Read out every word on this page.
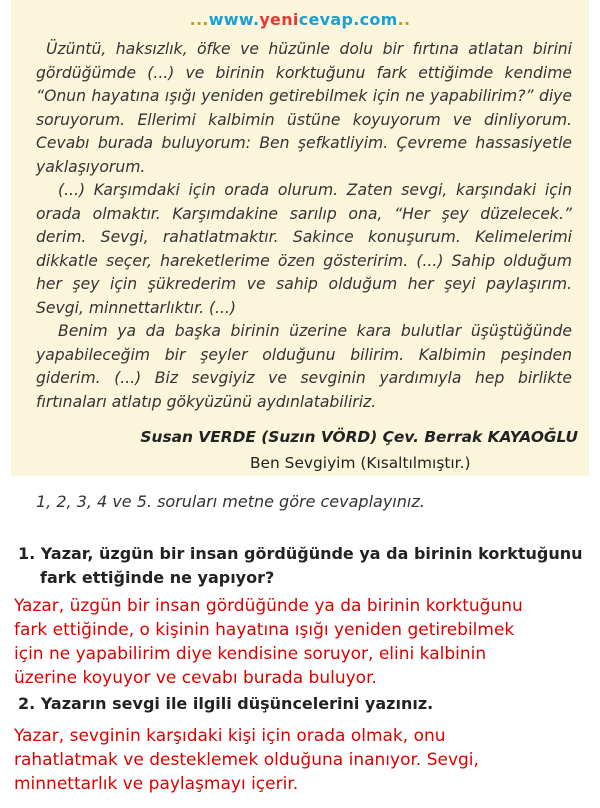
...www.yenicevap.com..

Üzüntü, haksızlık, öfke ve hüzünle dolu bir fırtına atlatan birini gördüğümde (...) ve birinin korktuğunu fark ettiğimde kendime “Onun hayatına ışığı yeniden getirebilmek için ne yapabilirim?” diye soruyorum. Ellerimi kalbimin üstüne koyuyorum ve dinliyorum. Cevabı burada buluyorum: Ben şefkatliyim. Çevreme hassasiyetle yaklaşıyorum.

(...) Karşımdaki için orada olurum. Zaten sevgi, karşındaki için orada olmaktır. Karşımdakine sarılıp ona, “Her şey düzelecek.” derim. Sevgi, rahatlatmaktır. Sakince konuşurum. Kelimelerimi dikkatle seçer, hareketlerime özen gösteririm. (...) Sahip olduğum her şey için şükrederim ve sahip olduğum her şeyi paylaşırım. Sevgi, minnettarlıktır. (...)

Benim ya da başka birinin üzerine kara bulutlar üşüştüğünde yapabileceğim bir şeyler olduğunu bilirim. Kalbimin peşinden giderim. (...) Biz sevgiyiz ve sevginin yardımıyla hep birlikte fırtınaları atlatıp gökyüzünü aydınlatabiliriz.

Susan VERDE (Suzın VÖRD) Çev. Berrak KAYAOĞLU
Ben Sevgiyim (Kısaltılmıştır.)
1, 2, 3, 4 ve 5. soruları metne göre cevaplayınız.
1. Yazar, üzgün bir insan gördüğünde ya da birinin korktuğunu
fark ettiğinde ne yapıyor?
Yazar, üzgün bir insan gördüğünde ya da birinin korktuğunu
fark ettiğinde, o kişinin hayatına ışığı yeniden getirebilmek
için ne yapabilirim diye kendisine soruyor, elini kalbinin
üzerine koyuyor ve cevabı burada buluyor.
2. Yazarın sevgi ile ilgili düşüncelerini yazınız.
Yazar, sevginin karşıdaki kişi için orada olmak, onu
rahatlatmak ve desteklemek olduğuna inanıyor. Sevgi,
minnettarlık ve paylaşmayı içerir.
